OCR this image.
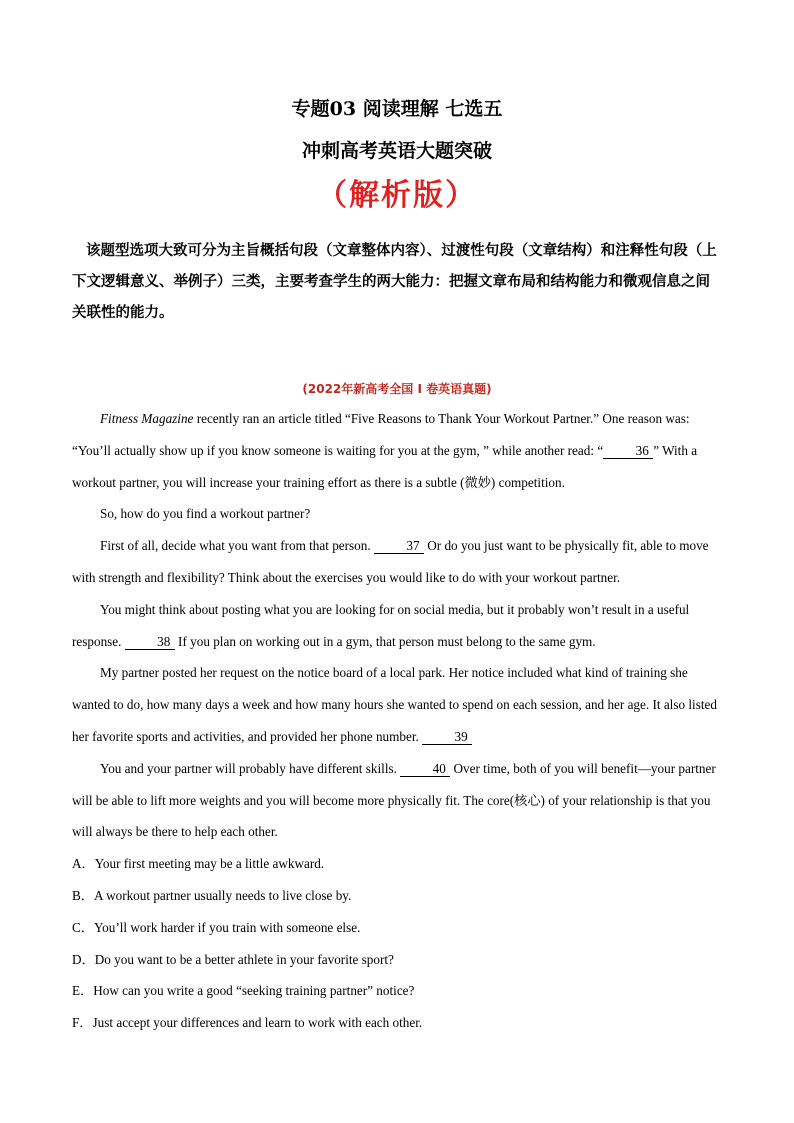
专题03 阅读理解 七选五
冲刺高考英语大题突破
（解析版）
该题型选项大致可分为主旨概括句段（文章整体内容）、过渡性句段（文章结构）和注释性句段（上下文逻辑意义、举例子）三类，主要考查学生的两大能力：把握文章布局和结构能力和微观信息之间关联性的能力。
(2022年新高考全国 I 卷英语真题)

Fitness Magazine recently ran an article titled “Five Reasons to Thank Your Workout Partner.” One reason was: “You’ll actually show up if you know someone is waiting for you at the gym, ” while another read: “ 36 ” With a workout partner, you will increase your training effort as there is a subtle (微妙) competition.

So, how do you find a workout partner?

First of all, decide what you want from that person. 37 Or do you just want to be physically fit, able to move with strength and flexibility? Think about the exercises you would like to do with your workout partner.

You might think about posting what you are looking for on social media, but it probably won’t result in a useful response. 38 If you plan on working out in a gym, that person must belong to the same gym.

My partner posted her request on the notice board of a local park. Her notice included what kind of training she wanted to do, how many days a week and how many hours she wanted to spend on each session, and her age. It also listed her favorite sports and activities, and provided her phone number. 39

You and your partner will probably have different skills. 40 Over time, both of you will benefit—your partner will be able to lift more weights and you will become more physically fit. The core(核心) of your relationship is that you will always be there to help each other.

A．Your first meeting may be a little awkward.

B．A workout partner usually needs to live close by.

C．You’ll work harder if you train with someone else.

D．Do you want to be a better athlete in your favorite sport?

E．How can you write a good “seeking training partner” notice?

F．Just accept your differences and learn to work with each other.
